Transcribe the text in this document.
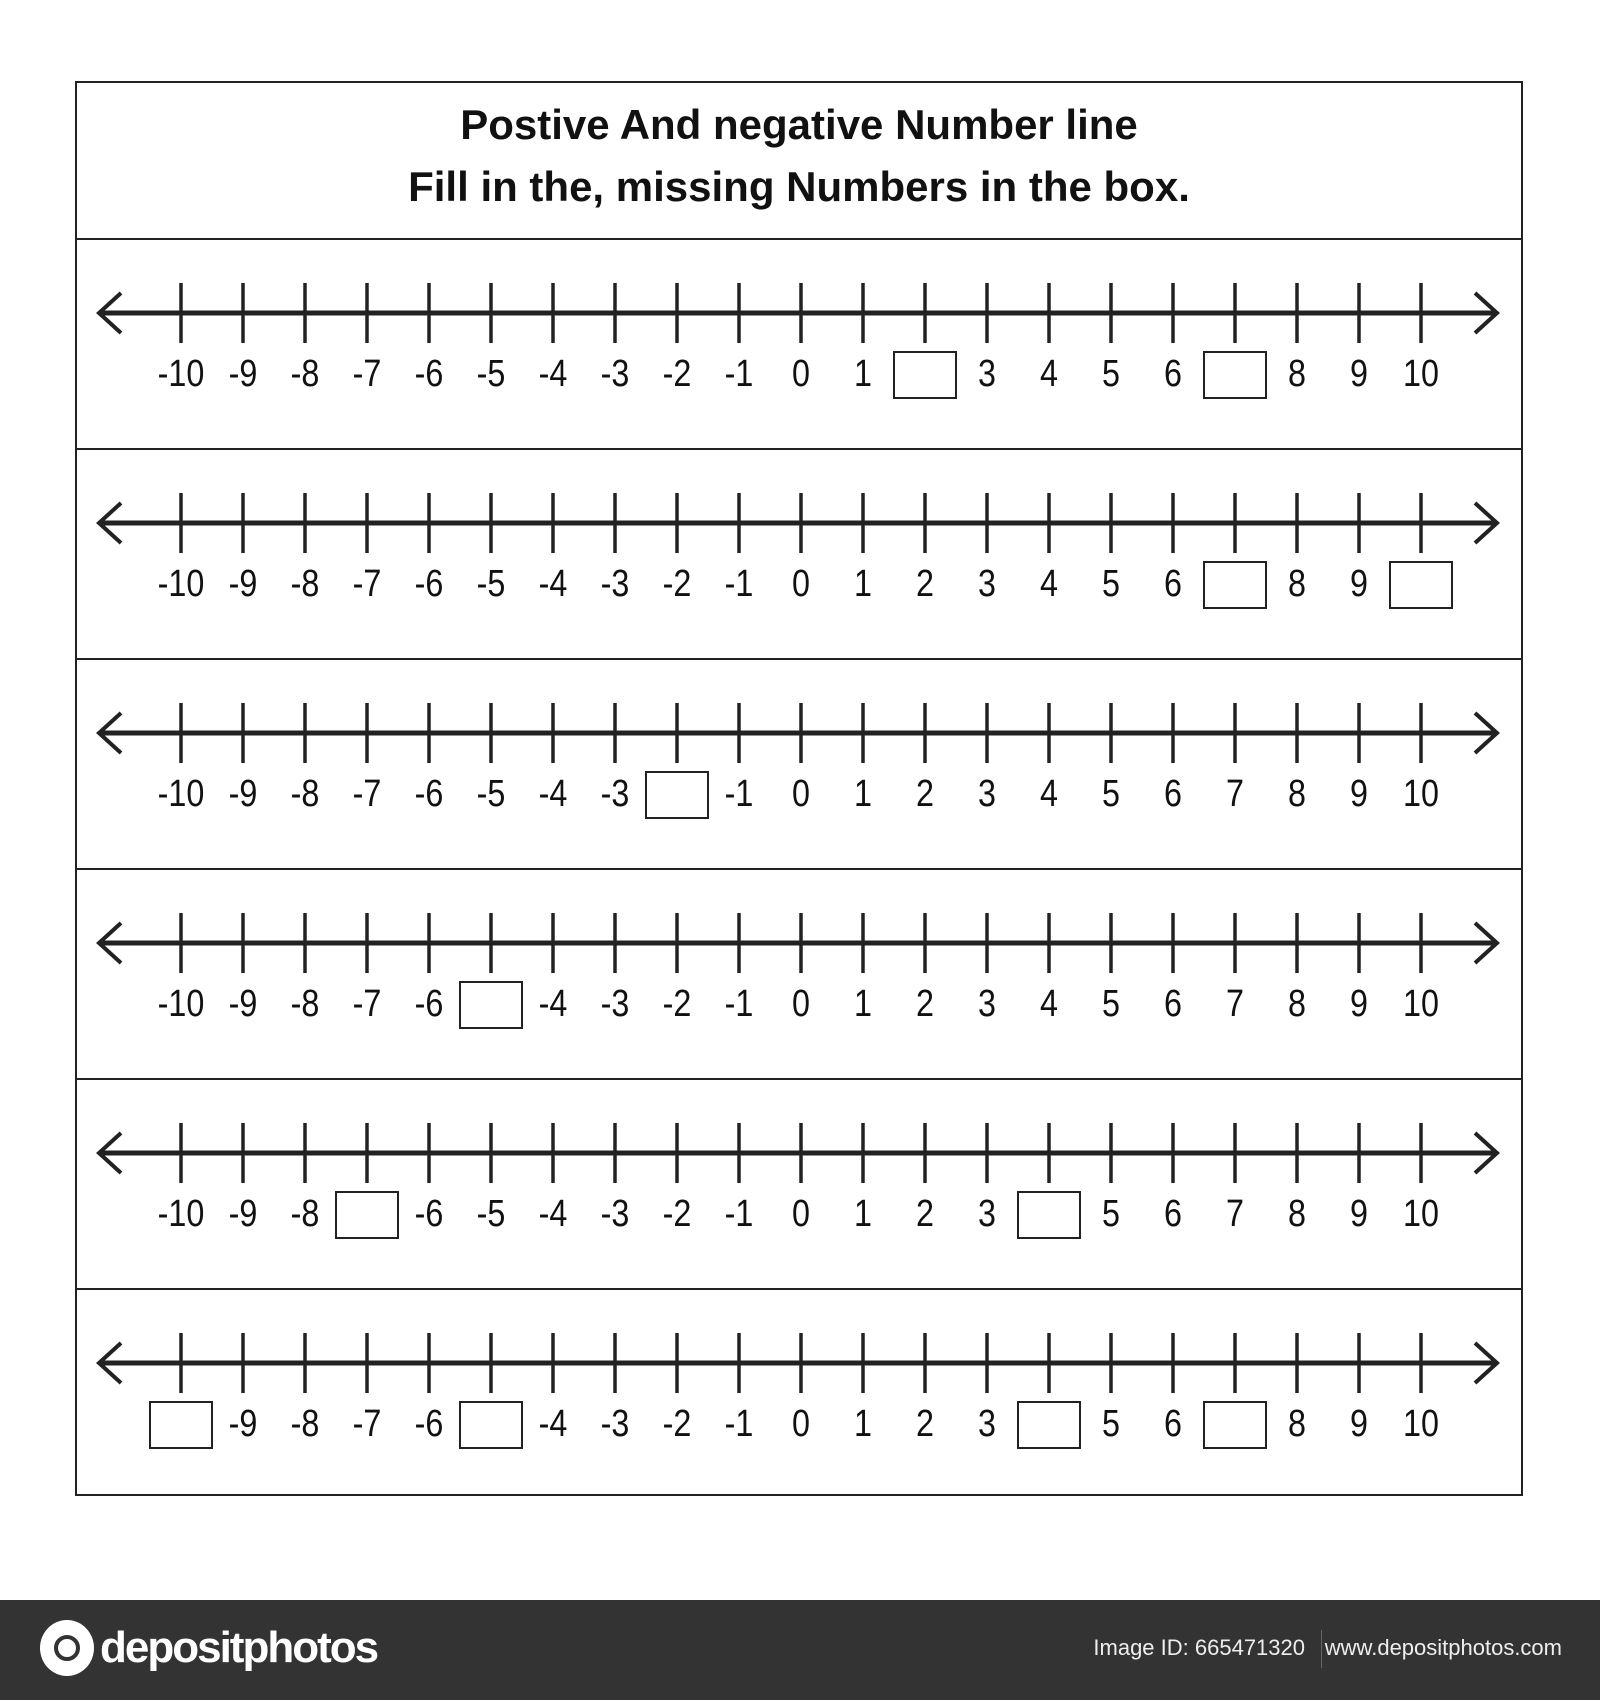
Postive And negative Number line
Fill in the, missing Numbers in the box.
-10 -9 -8 -7 -6 -5 -4 -3 -2 -1 0 1	3 4 5 6	8 9 10
-10 -9 -8 -7 -6 -5 -4 -3 -2 -1 0 1 2 3 4 5 6	8 9
-10 -9 -8 -7 -6 -5 -4 -3	-1 0 1 2 3 4 5 6 7 8 9 10
-10 -9 -8 -7 -6	-4 -3 -2 -1 0 1 2 3 4 5 6 7 8 9 10
-10 -9 -8	-6 -5 -4 -3 -2 -1 0 1 2 3	5 6 7 8 9 10
-9 -8 -7 -6	-4 -3 -2 -1 0 1 2 3	5 6	8 9 10
depositphotos	Image ID: 665471320 www.depositphotos.com
